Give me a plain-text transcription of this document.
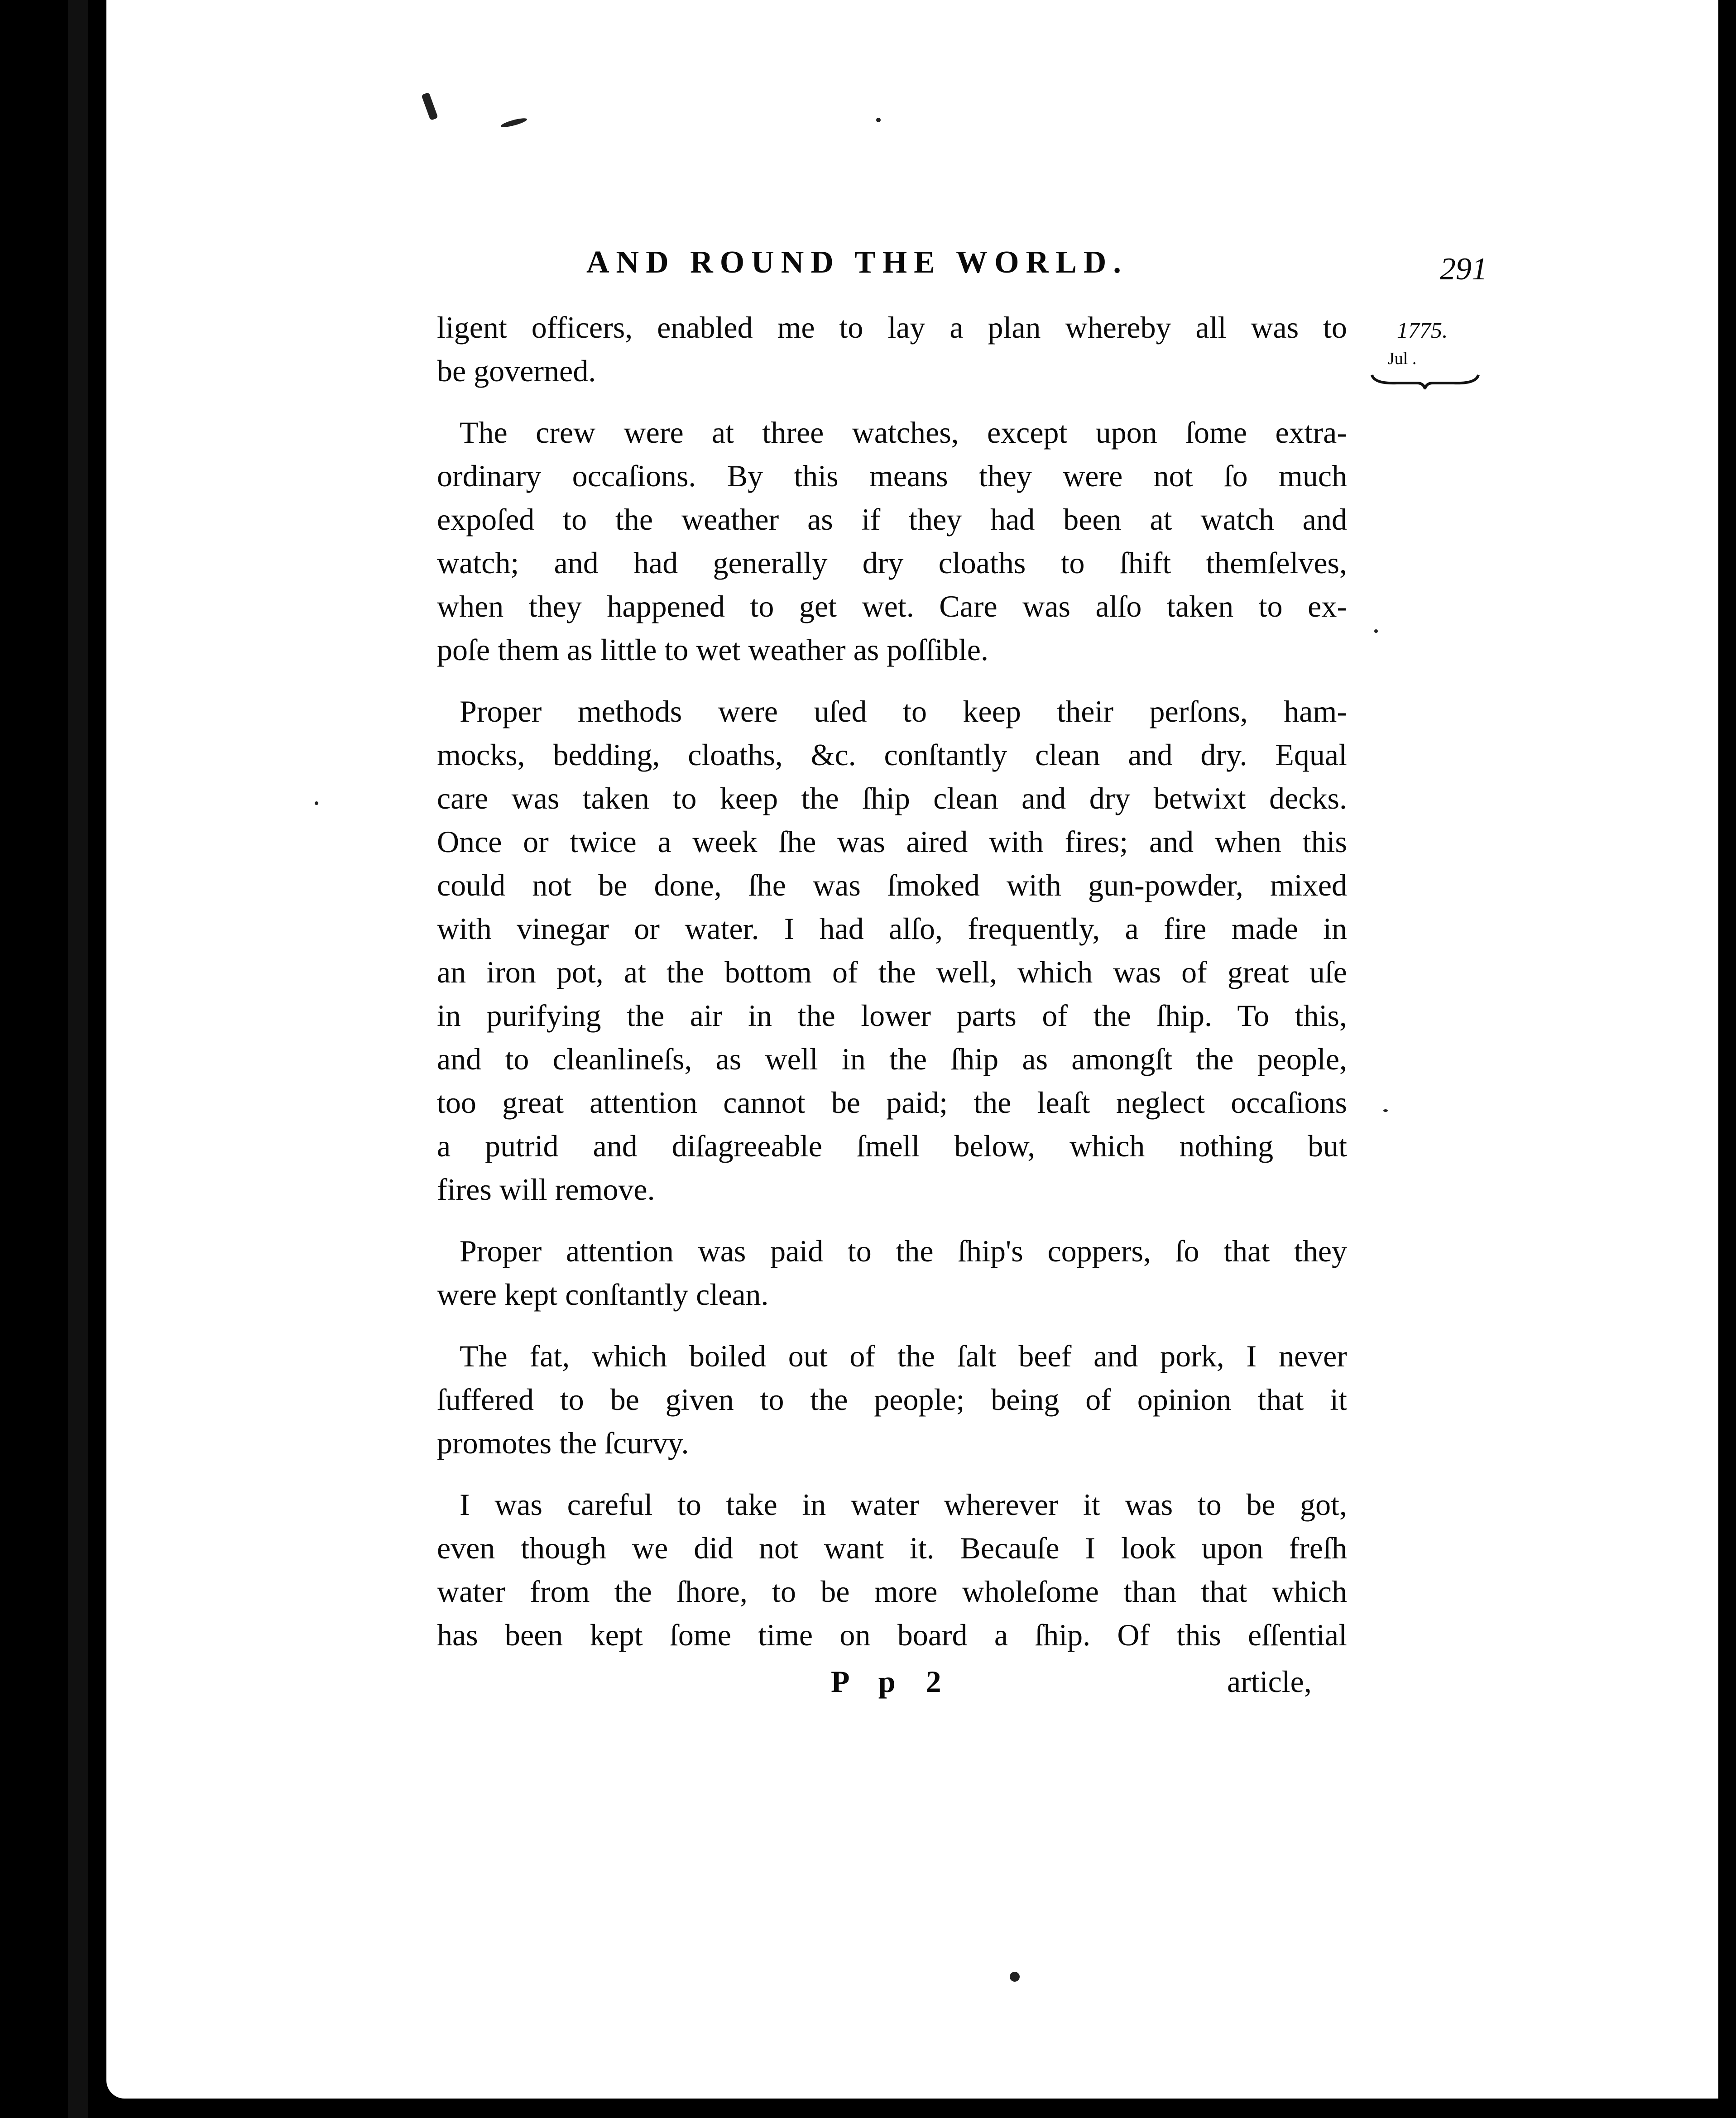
AND ROUND THE WORLD.	291
1775.
Jul .
ligent officers, enabled me to lay a plan whereby all was to
be governed.
The crew were at three watches, except upon ſome extra-
ordinary occaſions. By this means they were not ſo much
expoſed to the weather as if they had been at watch and
watch; and had generally dry cloaths to ſhift themſelves,
when they happened to get wet. Care was alſo taken to ex-
poſe them as little to wet weather as poſſible.
Proper methods were uſed to keep their perſons, ham-
mocks, bedding, cloaths, &c. conſtantly clean and dry. Equal
care was taken to keep the ſhip clean and dry betwixt decks.
Once or twice a week ſhe was aired with fires; and when this
could not be done, ſhe was ſmoked with gun-powder, mixed
with vinegar or water. I had alſo, frequently, a fire made in
an iron pot, at the bottom of the well, which was of great uſe
in purifying the air in the lower parts of the ſhip. To this,
and to cleanlineſs, as well in the ſhip as amongſt the people,
too great attention cannot be paid; the leaſt neglect occaſions
a putrid and diſagreeable ſmell below, which nothing but
fires will remove.
Proper attention was paid to the ſhip's coppers, ſo that they
were kept conſtantly clean.
The fat, which boiled out of the ſalt beef and pork, I never
ſuffered to be given to the people; being of opinion that it
promotes the ſcurvy.
I was careful to take in water wherever it was to be got,
even though we did not want it. Becauſe I look upon freſh
water from the ſhore, to be more wholeſome than that which
has been kept ſome time on board a ſhip. Of this eſſential
P p 2	article,
